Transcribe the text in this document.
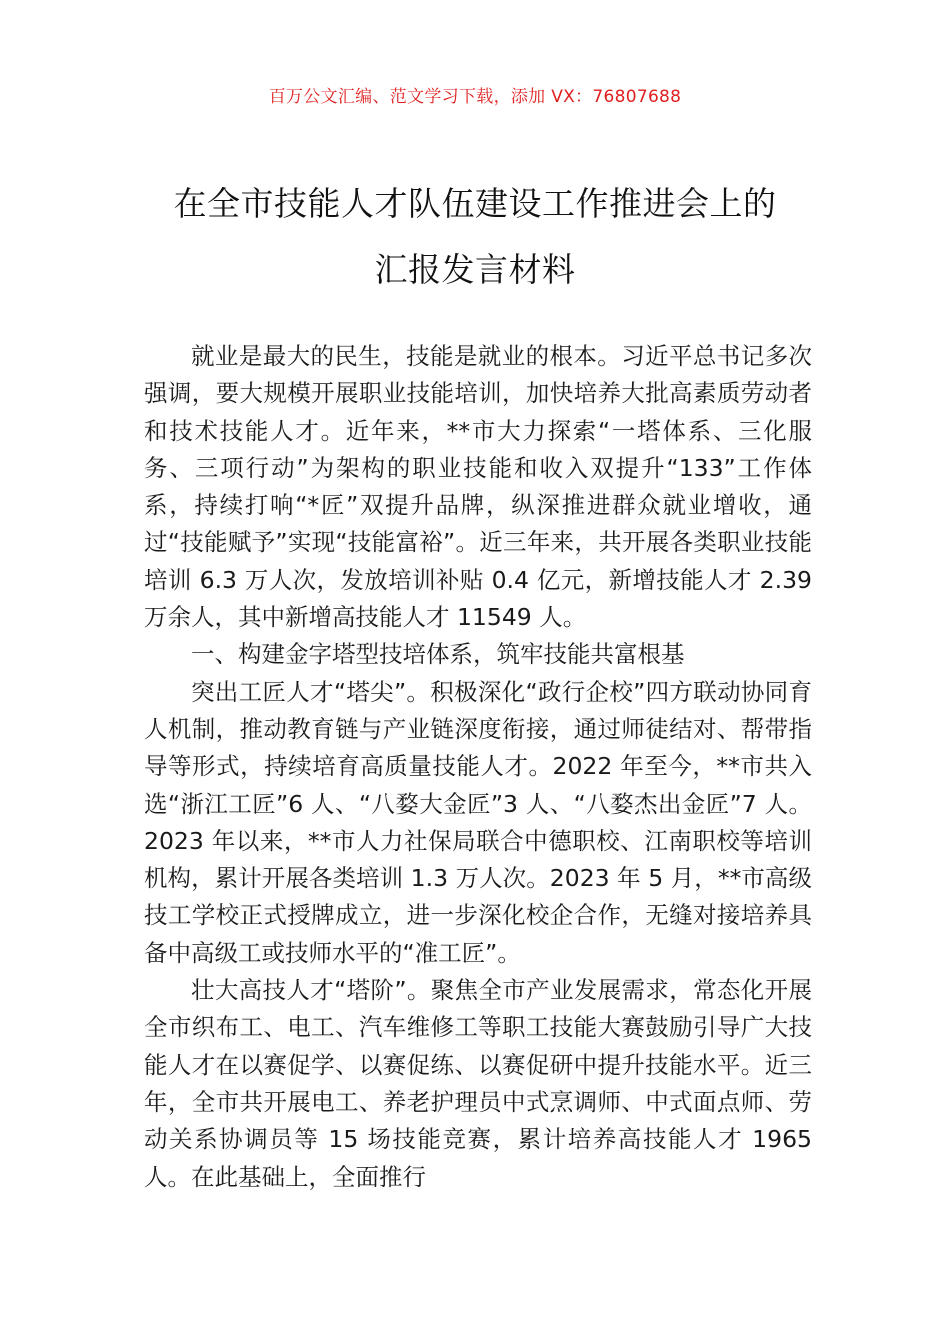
百万公文汇编、范文学习下载，添加 VX：76807688
在全市技能人才队伍建设工作推进会上的
汇报发言材料

就业是最大的民生，技能是就业的根本。习近平总书记多次强调，要大规模开展职业技能培训，加快培养大批高素质劳动者和技术技能人才。近年来，**市大力探索“一塔体系、三化服务、三项行动”为架构的职业技能和收入双提升“133”工作体系，持续打响“*匠”双提升品牌，纵深推进群众就业增收，通过“技能赋予”实现“技能富裕”。近三年来，共开展各类职业技能培训 6.3 万人次，发放培训补贴 0.4 亿元，新增技能人才 2.39 万余人，其中新增高技能人才 11549 人。

一、构建金字塔型技培体系，筑牢技能共富根基

突出工匠人才“塔尖”。积极深化“政行企校”四方联动协同育人机制，推动教育链与产业链深度衔接，通过师徒结对、帮带指导等形式，持续培育高质量技能人才。2022 年至今，**市共入选“浙江工匠”6 人、“八婺大金匠”3 人、“八婺杰出金匠”7 人。2023 年以来，**市人力社保局联合中德职校、江南职校等培训机构，累计开展各类培训 1.3 万人次。2023 年 5 月，**市高级技工学校正式授牌成立，进一步深化校企合作，无缝对接培养具备中高级工或技师水平的“准工匠”。

壮大高技人才“塔阶”。聚焦全市产业发展需求，常态化开展全市织布工、电工、汽车维修工等职工技能大赛鼓励引导广大技能人才在以赛促学、以赛促练、以赛促研中提升技能水平。近三年，全市共开展电工、养老护理员中式烹调师、中式面点师、劳动关系协调员等 15 场技能竞赛，累计培养高技能人才 1965 人。在此基础上，全面推行
